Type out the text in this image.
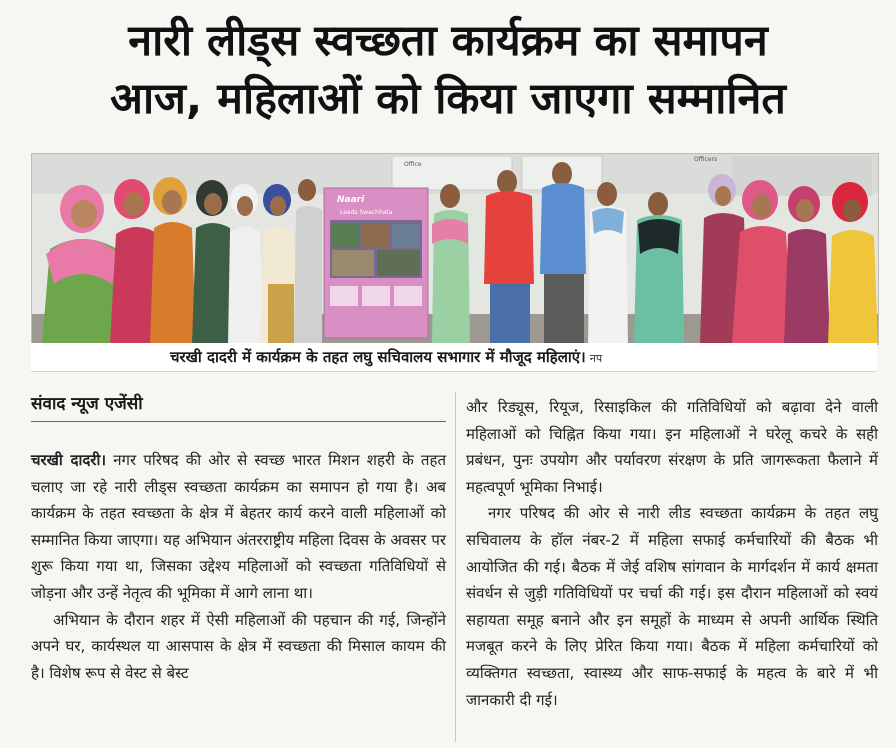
नारी लीड्स स्वच्छता कार्यक्रम का समापन
आज, महिलाओं को किया जाएगा सम्मानित
Office
Officers
Naari
Leads Swachhata
चरखी दादरी में कार्यक्रम के तहत लघु सचिवालय सभागार में मौजूद महिलाएं। नप
संवाद न्यूज एजेंसी

चरखी दादरी। नगर परिषद की ओर से स्वच्छ भारत मिशन शहरी के तहत चलाए जा रहे नारी लीड्स स्वच्छता कार्यक्रम का समापन हो गया है। अब कार्यक्रम के तहत स्वच्छता के क्षेत्र में बेहतर कार्य करने वाली महिलाओं को सम्मानित किया जाएगा। यह अभियान अंतरराष्ट्रीय महिला दिवस के अवसर पर शुरू किया गया था, जिसका उद्देश्य महिलाओं को स्वच्छता गतिविधियों से जोड़ना और उन्हें नेतृत्व की भूमिका में आगे लाना था।

अभियान के दौरान शहर में ऐसी महिलाओं की पहचान की गई, जिन्होंने अपने घर, कार्यस्थल या आसपास के क्षेत्र में स्वच्छता की मिसाल कायम की है। विशेष रूप से वेस्ट से बेस्ट

और रिड्यूस, रियूज, रिसाइकिल की गतिविधियों को बढ़ावा देने वाली महिलाओं को चिह्नित किया गया। इन महिलाओं ने घरेलू कचरे के सही प्रबंधन, पुनः उपयोग और पर्यावरण संरक्षण के प्रति जागरूकता फैलाने में महत्वपूर्ण भूमिका निभाई।

नगर परिषद की ओर से नारी लीड स्वच्छता कार्यक्रम के तहत लघु सचिवालय के हॉल नंबर-2 में महिला सफाई कर्मचारियों की बैठक भी आयोजित की गई। बैठक में जेई वशिष सांगवान के मार्गदर्शन में कार्य क्षमता संवर्धन से जुड़ी गतिविधियों पर चर्चा की गई। इस दौरान महिलाओं को स्वयं सहायता समूह बनाने और इन समूहों के माध्यम से अपनी आर्थिक स्थिति मजबूत करने के लिए प्रेरित किया गया। बैठक में महिला कर्मचारियों को व्यक्तिगत स्वच्छता, स्वास्थ्य और साफ-सफाई के महत्व के बारे में भी जानकारी दी गई।
